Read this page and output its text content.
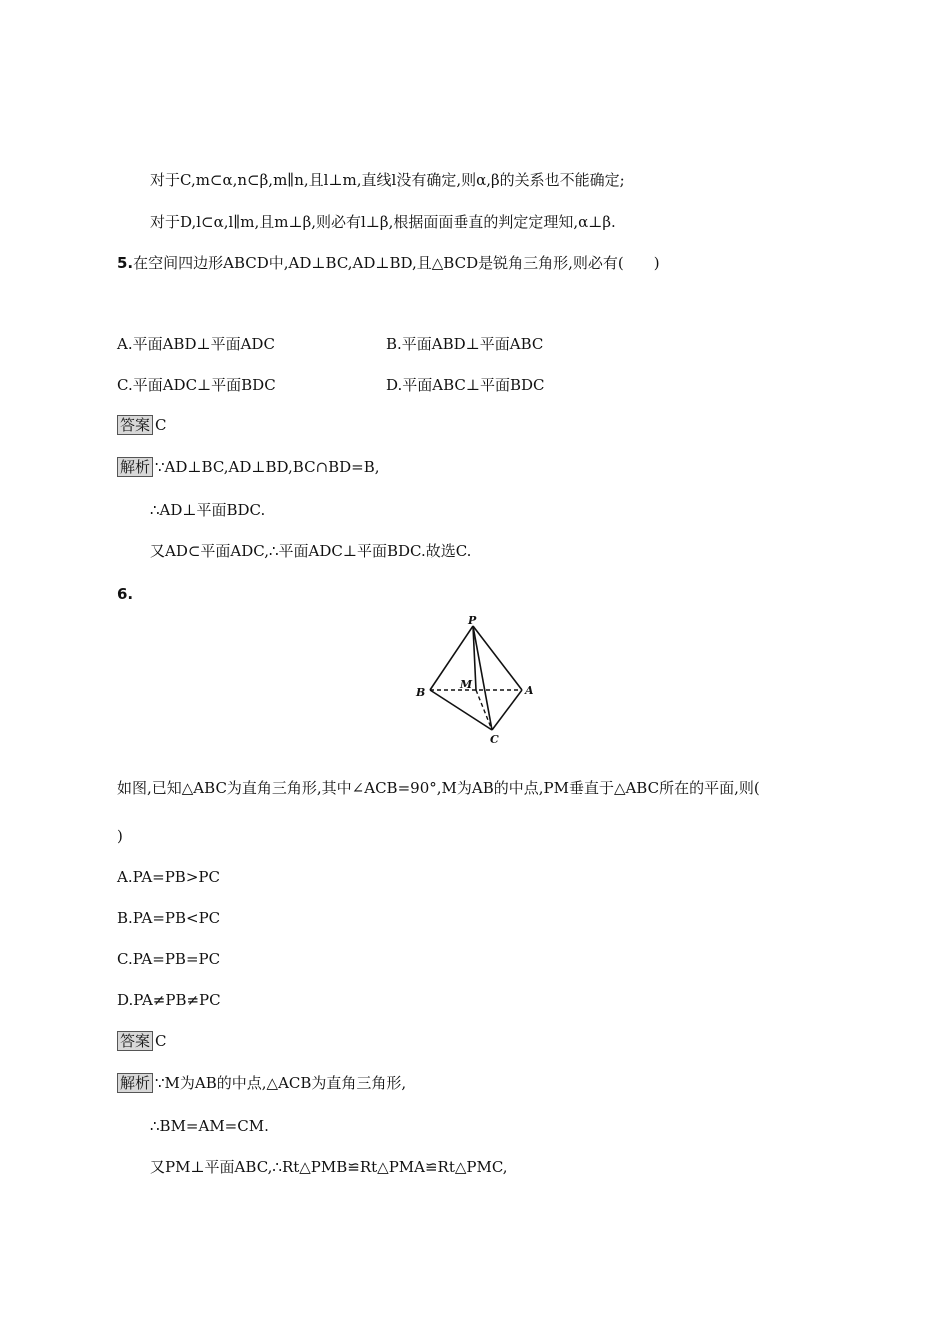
对于C,m⊂α,n⊂β,m∥n,且l⊥m,直线l没有确定,则α,β的关系也不能确定;
对于D,l⊂α,l∥m,且m⊥β,则必有l⊥β,根据面面垂直的判定定理知,α⊥β.
5.在空间四边形ABCD中,AD⊥BC,AD⊥BD,且△BCD是锐角三角形,则必有(　　)
A.平面ABD⊥平面ADC	B.平面ABD⊥平面ABC
C.平面ADC⊥平面BDC	D.平面ABC⊥平面BDC
答案 C
解析 ∵AD⊥BC,AD⊥BD,BC∩BD=B,
∴AD⊥平面BDC.
又AD⊂平面ADC,∴平面ADC⊥平面BDC.故选C.
6.
P
M	A
B
C
如图,已知△ABC为直角三角形,其中∠ACB=90°,M为AB的中点,PM垂直于△ABC所在的平面,则(
)
A.PA=PB>PC
B.PA=PB<PC
C.PA=PB=PC
D.PA≠PB≠PC
答案 C
解析 ∵M为AB的中点,△ACB为直角三角形,
∴BM=AM=CM.
又PM⊥平面ABC,∴Rt△PMB≌Rt△PMA≌Rt△PMC,
